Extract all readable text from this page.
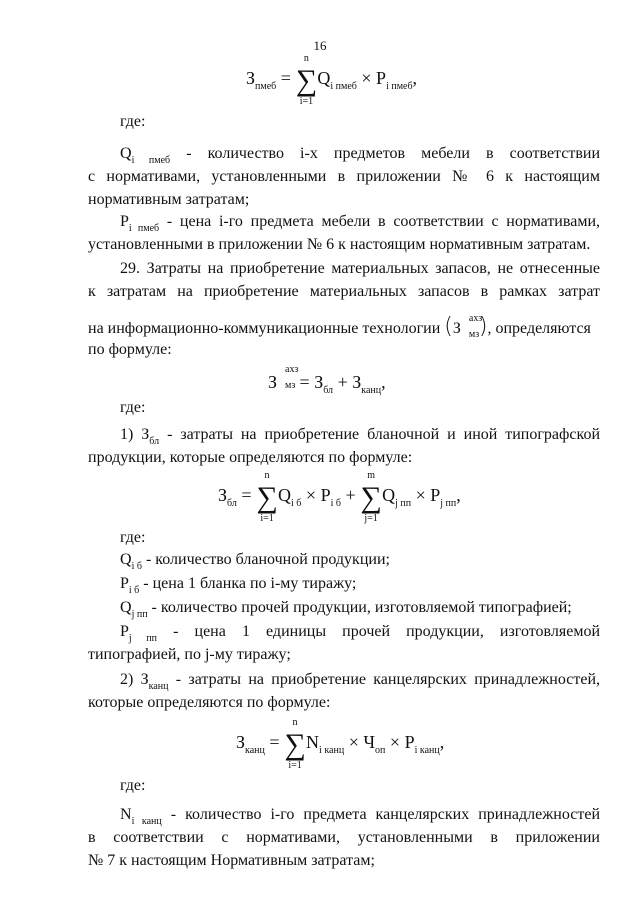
16
$З_{пмеб}$ = ∑
n
i=1
$Q_{i пмеб} \times P_{i пмеб}$,
где:
$Q_{i пмеб}$ - количество i-х предметов мебели в соответствии
с нормативами, установленными в приложении № 6 к настоящим
нормативным затратам;
$P_{i пмеб}$ - цена i-го предмета мебели в соответствии с нормативами,
установленными в приложении № 6 к настоящим нормативным затратам.
29. Затраты на приобретение материальных запасов, не отнесенные
к затратам на приобретение материальных запасов в рамках затрат
на информационно-коммуникационные технологии (З
ахз
мз ), определяются
по формуле:
З
ахз
мз = $З_{бл} + З_{канц}$,
где:
1) $З_{бл}$ - затраты на приобретение бланочной и иной типографской
продукции, которые определяются по формуле:
$З_{бл}$ = ∑
n
i=1
$Q_{i б} \times P_{i б}$ + ∑
m
j=1
$Q_{j пп} \times P_{j пп}$,
где:
$Q_{i б}$ - количество бланочной продукции;
$P_{i б}$ - цена 1 бланка по i-му тиражу;
$Q_{j пп}$ - количество прочей продукции, изготовляемой типографией;
$P_{j пп}$ - цена 1 единицы прочей продукции, изготовляемой
типографией, по j-му тиражу;
2) $З_{канц}$ - затраты на приобретение канцелярских принадлежностей,
которые определяются по формуле:
$З_{канц}$ = ∑
n
i=1
$N_{i канц} \times Ч_{оп} \times P_{i канц}$,
где:
$N_{i канц}$ - количество i-го предмета канцелярских принадлежностей
в соответствии с нормативами, установленными в приложении
№ 7 к настоящим Нормативным затратам;
